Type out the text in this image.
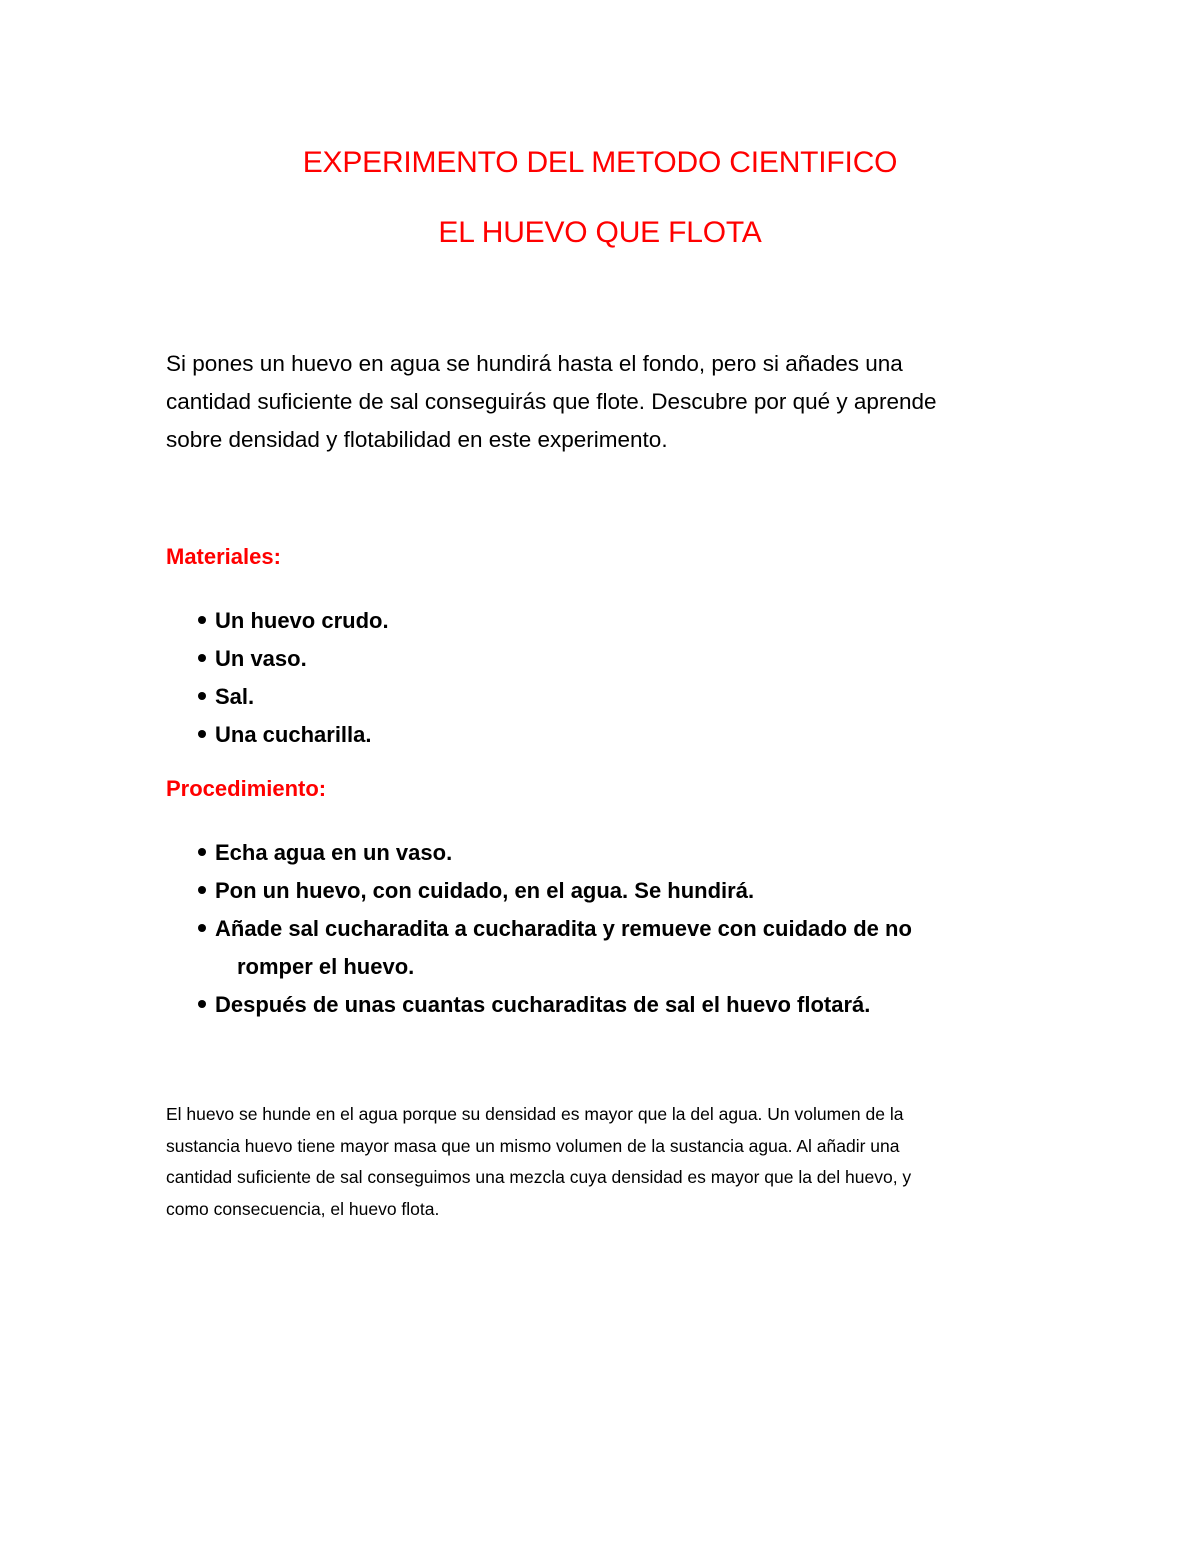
EXPERIMENTO DEL METODO CIENTIFICO
EL HUEVO QUE FLOTA

Si pones un huevo en agua se hundirá hasta el fondo, pero si añades una
cantidad suficiente de sal conseguirás que flote. Descubre por qué y aprende
sobre densidad y flotabilidad en este experimento.

Materiales:
Un huevo crudo.
Un vaso.
Sal.
Una cucharilla.
Procedimiento:
Echa agua en un vaso.
Pon un huevo, con cuidado, en el agua. Se hundirá.
Añade sal cucharadita a cucharadita y remueve con cuidado de no
romper el huevo.
Después de unas cuantas cucharaditas de sal el huevo flotará.

El huevo se hunde en el agua porque su densidad es mayor que la del agua. Un volumen de la
sustancia huevo tiene mayor masa que un mismo volumen de la sustancia agua. Al añadir una
cantidad suficiente de sal conseguimos una mezcla cuya densidad es mayor que la del huevo, y
como consecuencia, el huevo flota.
